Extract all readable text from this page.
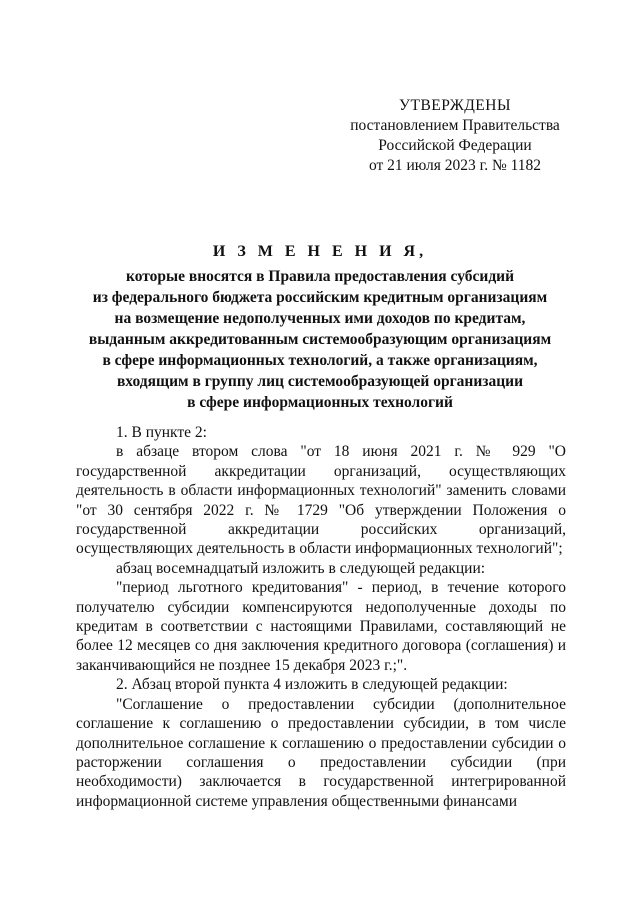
УТВЕРЖДЕНЫ
постановлением Правительства
Российской Федерации
от 21 июля 2023 г. № 1182
И З М Е Н Е Н И Я,
которые вносятся в Правила предоставления субсидий
из федерального бюджета российским кредитным организациям
на возмещение недополученных ими доходов по кредитам,
выданным аккредитованным системообразующим организациям
в сфере информационных технологий, а также организациям,
входящим в группу лиц системообразующей организации
в сфере информационных технологий

1. В пункте 2:

в абзаце втором слова "от 18 июня 2021 г. № 929 "О государственной аккредитации организаций, осуществляющих деятельность в области информационных технологий" заменить словами "от 30 сентября 2022 г. № 1729 "Об утверждении Положения о государственной аккредитации российских организаций, осуществляющих деятельность в области информационных технологий";

абзац восемнадцатый изложить в следующей редакции:

"период льготного кредитования" - период, в течение которого получателю субсидии компенсируются недополученные доходы по кредитам в соответствии с настоящими Правилами, составляющий не более 12 месяцев со дня заключения кредитного договора (соглашения) и заканчивающийся не позднее 15 декабря 2023 г.;".

2. Абзац второй пункта 4 изложить в следующей редакции:

"Соглашение о предоставлении субсидии (дополнительное соглашение к соглашению о предоставлении субсидии, в том числе дополнительное соглашение к соглашению о предоставлении субсидии о расторжении соглашения о предоставлении субсидии (при необходимости) заключается в государственной интегрированной информационной системе управления общественными финансами
